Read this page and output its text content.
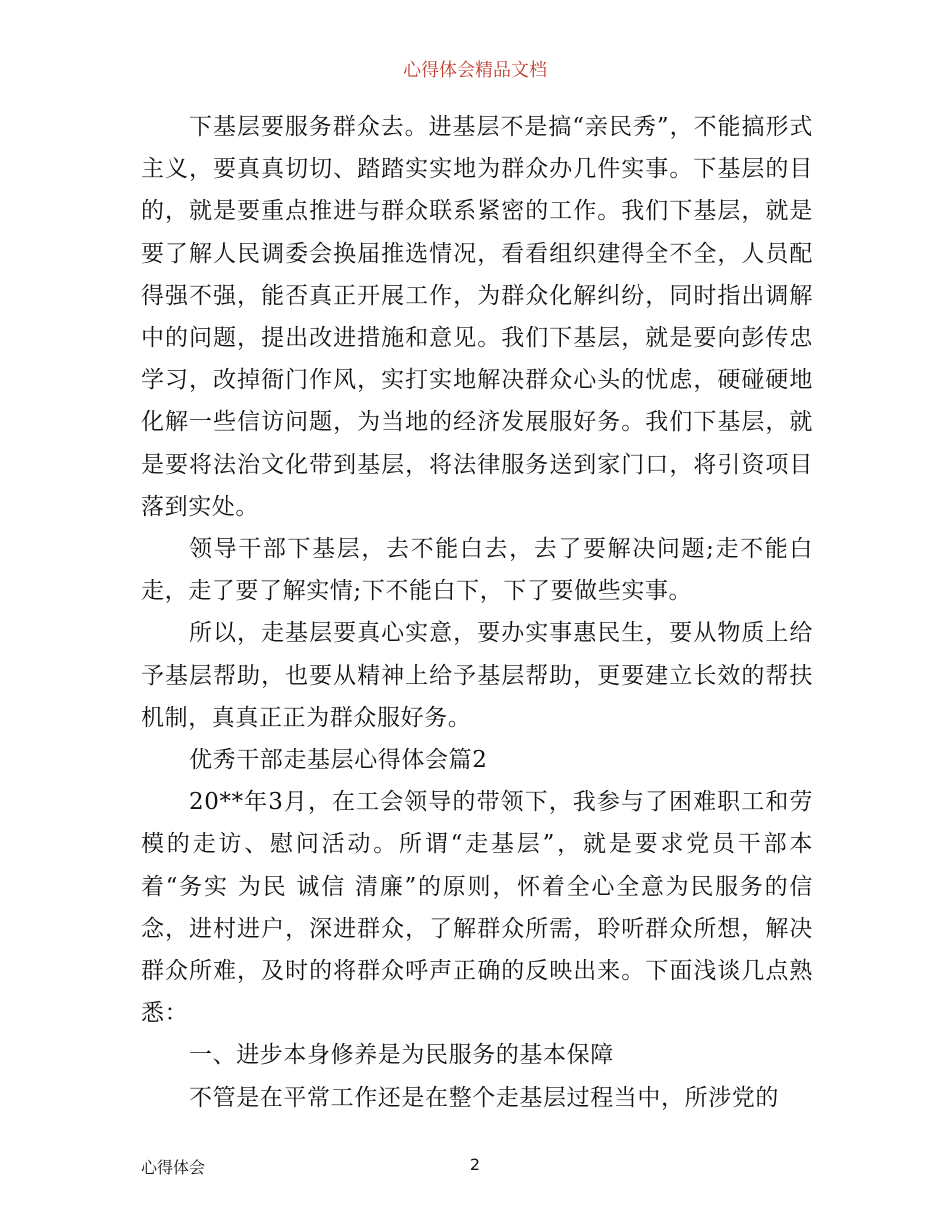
心得体会精品文档

下基层要服务群众去。进基层不是搞“亲民秀”，不能搞形式主义，要真真切切、踏踏实实地为群众办几件实事。下基层的目的，就是要重点推进与群众联系紧密的工作。我们下基层，就是要了解人民调委会换届推选情况，看看组织建得全不全，人员配得强不强，能否真正开展工作，为群众化解纠纷，同时指出调解中的问题，提出改进措施和意见。我们下基层，就是要向彭传忠学习，改掉衙门作风，实打实地解决群众心头的忧虑，硬碰硬地化解一些信访问题，为当地的经济发展服好务。我们下基层，就是要将法治文化带到基层，将法律服务送到家门口，将引资项目落到实处。

领导干部下基层，去不能白去，去了要解决问题;走不能白走，走了要了解实情;下不能白下，下了要做些实事。

所以，走基层要真心实意，要办实事惠民生，要从物质上给予基层帮助，也要从精神上给予基层帮助，更要建立长效的帮扶机制，真真正正为群众服好务。

优秀干部走基层心得体会篇2

20**年3月，在工会领导的带领下，我参与了困难职工和劳模的走访、慰问活动。所谓“走基层”，就是要求党员干部本着“务实 为民 诚信 清廉”的原则，怀着全心全意为民服务的信念，进村进户，深进群众，了解群众所需，聆听群众所想，解决群众所难，及时的将群众呼声正确的反映出来。下面浅谈几点熟悉：

一、进步本身修养是为民服务的基本保障

不管是在平常工作还是在整个走基层过程当中，所涉党的

心得体会	2
